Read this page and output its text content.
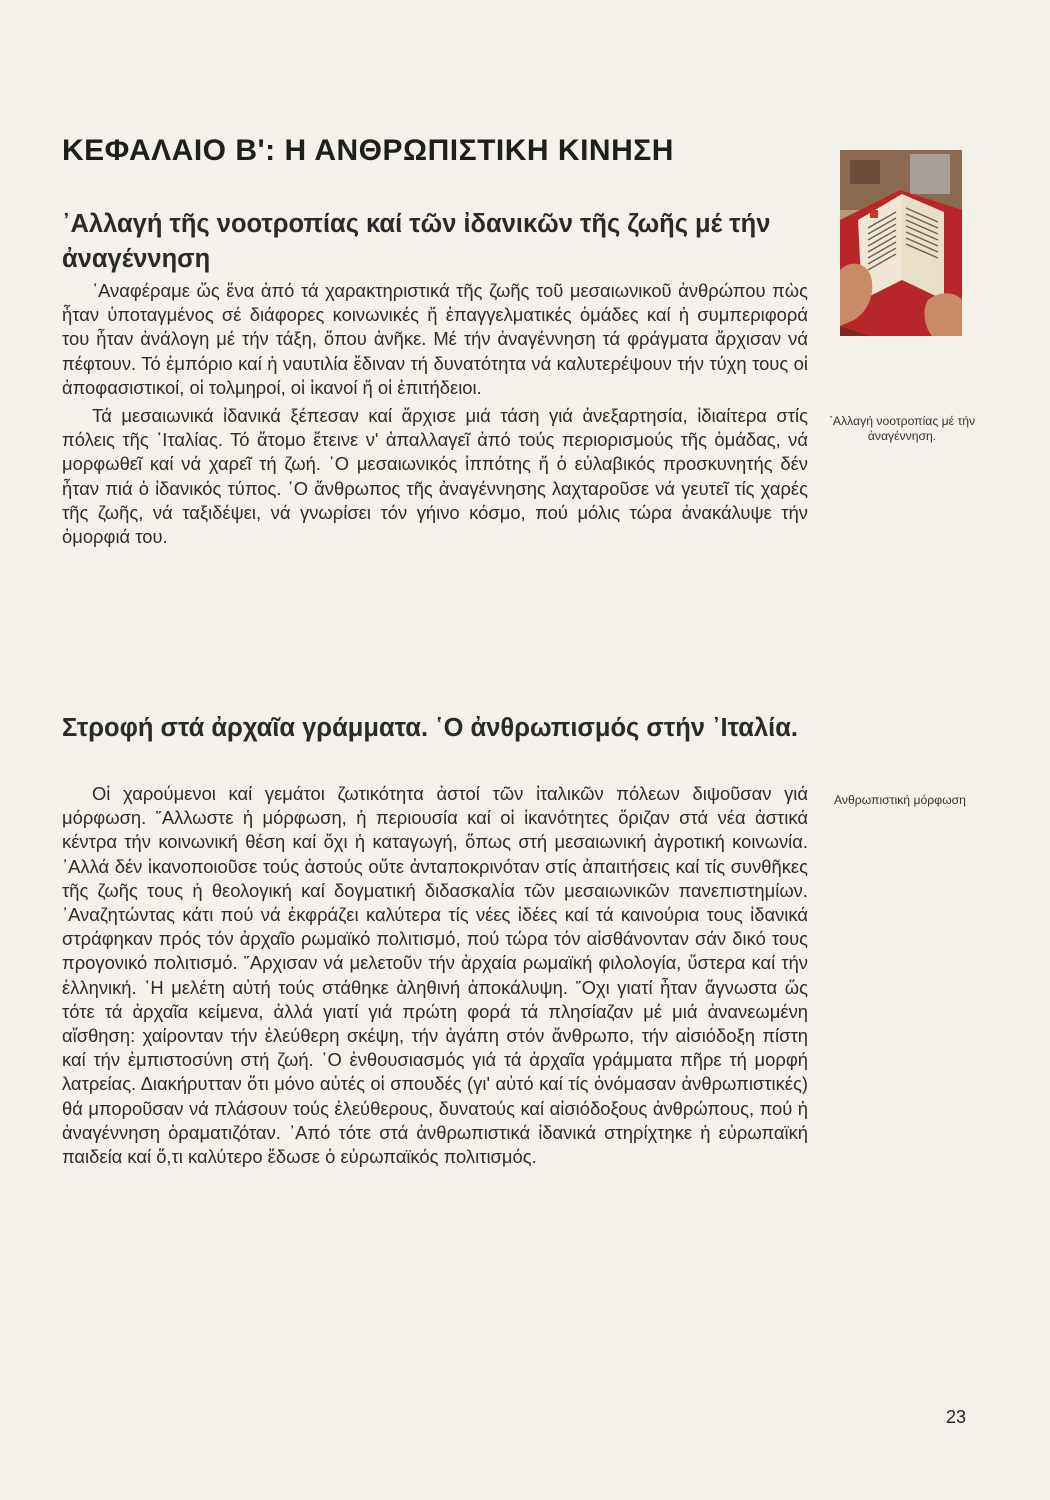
ΚΕΦΑΛΑΙΟ Β': Η ΑΝΘΡΩΠΙΣΤΙΚΗ ΚΙΝΗΣΗ
᾿Αλλαγή τῆς νοοτροπίας καί τῶν ἰδανικῶν τῆς ζωῆς μέ τήν ἀναγέννηση

᾿Αναφέραμε ὥς ἕνα ἀπό τά χαρακτηριστικά τῆς ζωῆς τοῦ μεσαιωνικοῦ ἀνθρώπου πὼς ἦταν ὑποταγμένος σέ διάφορες κοινωνικές ἤ ἐπαγγελματικές ὁμάδες καί ἡ συμπεριφορά του ἦταν ἀνάλογη μέ τήν τάξη, ὅπου ἀνῆκε. Μέ τήν ἀναγέννηση τά φράγματα ἄρχισαν νά πέφτουν. Τό ἐμπόριο καί ἡ ναυτιλία ἔδιναν τή δυνατότητα νά καλυτερέψουν τήν τύχη τους οἱ ἀποφασιστικοί, οἱ τολμηροί, οἱ ἱκανοί ἤ οἱ ἐπιτήδειοι.

Τά μεσαιωνικά ἰδανικά ξέπεσαν καί ἄρχισε μιά τάση γιά ἀνεξαρτησία, ἰδιαίτερα στίς πόλεις τῆς ᾿Ιταλίας. Τό ἄτομο ἔτεινε ν' ἀπαλλαγεῖ ἀπό τούς περιορισμούς τῆς ὁμάδας, νά μορφωθεῖ καί νά χαρεῖ τή ζωή. ῾Ο μεσαιωνικός ἱππότης ἤ ὁ εὐλαβικός προσκυνητής δέν ἦταν πιά ὁ ἰδανικός τύπος. ῾Ο ἄνθρωπος τῆς ἀναγέννησης λαχταροῦσε νά γευτεῖ τίς χαρές τῆς ζωῆς, νά ταξιδέψει, νά γνωρίσει τόν γήινο κόσμο, πού μόλις τώρα ἀνακάλυψε τήν ὀμορφιά του.

Στροφή στά ἀρχαῖα γράμματα. ῾Ο ἀνθρωπισμός στήν ᾿Ιταλία.

Οἱ χαρούμενοι καί γεμάτοι ζωτικότητα ἀστοί τῶν ἰταλικῶν πόλεων διψοῦσαν γιά μόρφωση. ῎Αλλωστε ἡ μόρφωση, ἡ περιουσία καί οἱ ἱκανότητες ὅριζαν στά νέα ἀστικά κέντρα τήν κοινωνική θέση καί ὄχι ἡ καταγωγή, ὅπως στή μεσαιωνική ἀγροτική κοινωνία. ᾿Αλλά δέν ἱκανοποιοῦσε τούς ἀστούς οὔτε ἀνταποκρινόταν στίς ἀπαιτήσεις καί τίς συνθῆκες τῆς ζωῆς τους ἡ θεολογική καί δογματική διδασκαλία τῶν μεσαιωνικῶν πανεπιστημίων. ᾿Αναζητώντας κάτι πού νά ἐκφράζει καλύτερα τίς νέες ἰδέες καί τά καινούρια τους ἰδανικά στράφηκαν πρός τόν ἀρχαῖο ρωμαϊκό πολιτισμό, πού τώρα τόν αἰσθάνονταν σάν δικό τους προγονικό πολιτισμό. ῎Αρχισαν νά μελετοῦν τήν ἀρχαία ρωμαϊκή φιλολογία, ὕστερα καί τήν ἑλληνική. ῾Η μελέτη αὐτή τούς στάθηκε ἀληθινή ἀποκάλυψη. ῎Οχι γιατί ἦταν ἄγνωστα ὥς τότε τά ἀρχαῖα κείμενα, ἀλλά γιατί γιά πρώτη φορά τά πλησίαζαν μέ μιά ἀνανεωμένη αἴσθηση: χαίρονταν τήν ἐλεύθερη σκέψη, τήν ἀγάπη στόν ἄνθρωπο, τήν αἰσιόδοξη πίστη καί τήν ἐμπιστοσύνη στή ζωή. ῾Ο ἐνθουσιασμός γιά τά ἀρχαῖα γράμματα πῆρε τή μορφή λατρείας. Διακήρυτταν ὅτι μόνο αὐτές οἱ σπουδές (γι' αὐτό καί τίς ὀνόμασαν ἀνθρωπιστικές) θά μποροῦσαν νά πλάσουν τούς ἐλεύθερους, δυνατούς καί αἰσιόδοξους ἀνθρώπους, πού ἡ ἀναγέννηση ὁραματιζόταν. ᾿Από τότε στά ἀνθρωπιστικά ἰδανικά στηρίχτηκε ἡ εὐρωπαϊκή παιδεία καί ὅ,τι καλύτερο ἔδωσε ὁ εὐρωπαϊκός πολιτισμός.

᾿Αλλαγή νοοτροπίας μέ τήν ἀναγέννηση.
Ανθρωπιστική μόρφωση
23
